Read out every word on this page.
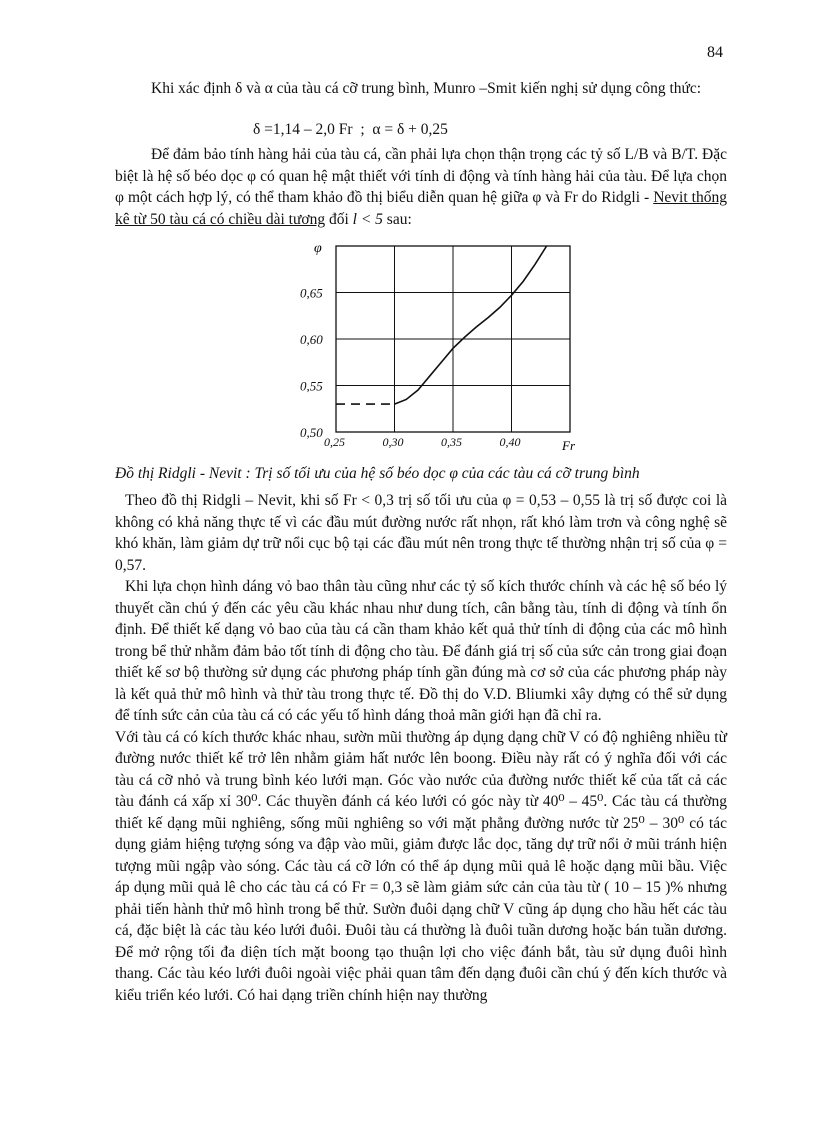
84

Khi xác định δ và α của tàu cá cỡ trung bình, Munro –Smit kiến nghị sử dụng công thức:

δ =1,14 – 2,0 Fr  ;  α = δ + 0,25

Để đảm bảo tính hàng hải của tàu cá, cần phải lựa chọn thận trọng các tỷ số L/B và B/T. Đặc biệt là hệ số béo dọc φ có quan hệ mật thiết với tính di động và tính hàng hải của tàu. Để lựa chọn φ một cách hợp lý, có thể tham khảo đồ thị biểu diễn quan hệ giữa φ và Fr do Ridgli - Nevit thống kê từ 50 tàu cá có chiều dài tương đối l < 5 sau:

0,40
0,35
0,30
0,25
0,65
0,60
0,55
0,50
φ
Fr
Đồ thị Ridgli - Nevit : Trị số tối ưu của hệ số béo dọc φ của các tàu cá cỡ trung bình

Theo đồ thị Ridgli – Nevit, khi số Fr < 0,3 trị số tối ưu của φ = 0,53 – 0,55 là trị số được coi là không có khả năng thực tế vì các đầu mút đường nước rất nhọn, rất khó làm trơn và công nghệ sẽ khó khăn, làm giảm dự trữ nổi cục bộ tại các đầu mút nên trong thực tế thường nhận trị số của φ = 0,57.

Khi lựa chọn hình dáng vỏ bao thân tàu cũng như các tỷ số kích thước chính và các hệ số béo lý thuyết cần chú ý đến các yêu cầu khác nhau như dung tích, cân bằng tàu, tính di động và tính ổn định. Để thiết kế dạng vỏ bao của tàu cá cần tham khảo kết quả thử tính di động của các mô hình trong bể thử nhằm đảm bảo tốt tính di động cho tàu. Để đánh giá trị số của sức cản trong giai đoạn thiết kế sơ bộ thường sử dụng các phương pháp tính gần đúng mà cơ sở của các phương pháp này là kết quả thử mô hình và thử tàu trong thực tế. Đồ thị do V.D. Bliumki xây dựng có thể sử dụng để tính sức cản của tàu cá có các yếu tố hình dáng thoả mãn giới hạn đã chỉ ra.

Với tàu cá có kích thước khác nhau, sườn mũi thường áp dụng dạng chữ V có độ nghiêng nhiều từ đường nước thiết kế trở lên nhằm giảm hất nước lên boong. Điều này rất có ý nghĩa đối với các tàu cá cỡ nhỏ và trung bình kéo lưới mạn. Góc vào nước của đường nước thiết kế của tất cả các tàu đánh cá xấp xỉ 30⁰. Các thuyền đánh cá kéo lưới có góc này từ 40⁰ – 45⁰. Các tàu cá thường thiết kế dạng mũi nghiêng, sống mũi nghiêng so với mặt phẳng đường nước từ 25⁰ – 30⁰ có tác dụng giảm hiệng tượng sóng va đập vào mũi, giảm được lắc dọc, tăng dự trữ nổi ở mũi tránh hiện tượng mũi ngập vào sóng. Các tàu cá cỡ lớn có thể áp dụng mũi quả lê hoặc dạng mũi bầu. Việc áp dụng mũi quả lê cho các tàu cá có Fr = 0,3 sẽ làm giảm sức cản của tàu từ ( 10 – 15 )% nhưng phải tiến hành thử mô hình trong bể thử. Sườn đuôi dạng chữ V cũng áp dụng cho hầu hết các tàu cá, đặc biệt là các tàu kéo lưới đuôi. Đuôi tàu cá thường là đuôi tuần dương hoặc bán tuần dương. Để mở rộng tối đa diện tích mặt boong tạo thuận lợi cho việc đánh bắt, tàu sử dụng đuôi hình thang. Các tàu kéo lưới đuôi ngoài việc phải quan tâm đến dạng đuôi cần chú ý đến kích thước và kiểu triển kéo lưới. Có hai dạng triền chính hiện nay thường
